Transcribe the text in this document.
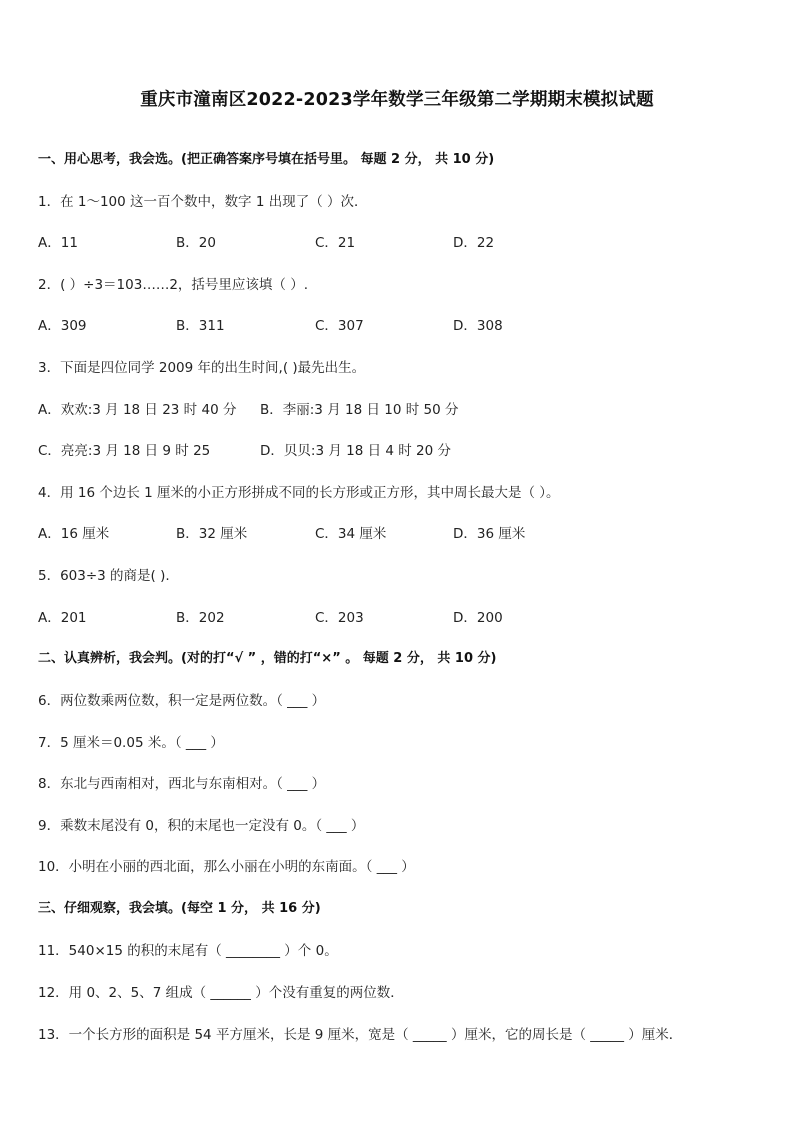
重庆市潼南区2022-2023学年数学三年级第二学期期末模拟试题
一、用心思考，我会选。(把正确答案序号填在括号里。 每题 2 分， 共 10 分)
1．在 1～100 这一百个数中，数字 1 出现了（ ）次．
A．11	B．20	C．21	D．22
2．( ）÷3＝103……2，括号里应该填（ ）.
A．309	B．311	C．307	D．308
3．下面是四位同学 2009 年的出生时间,( )最先出生。
A．欢欢:3 月 18 日 23 时 40 分 B．李丽:3 月 18 日 10 时 50 分
C．亮亮:3 月 18 日 9 时 25	D．贝贝:3 月 18 日 4 时 20 分
4．用 16 个边长 1 厘米的小正方形拼成不同的长方形或正方形，其中周长最大是（ ）。
A．16 厘米	B．32 厘米	C．34 厘米	D．36 厘米
5．603÷3 的商是( ).
A．201	B．202	C．203	D．200
二、认真辨析，我会判。(对的打“√ ” ，错的打“×” 。 每题 2 分， 共 10 分)
6．两位数乘两位数，积一定是两位数。（ ___ ）
7．5 厘米＝0.05 米。（ ___ ）
8．东北与西南相对，西北与东南相对。（ ___ ）
9．乘数末尾没有 0，积的末尾也一定没有 0。（ ___ ）
10．小明在小丽的西北面，那么小丽在小明的东南面。（ ___ ）
三、仔细观察，我会填。(每空 1 分， 共 16 分)
11．540×15 的积的末尾有（ ________ ）个 0。
12．用 0、2、5、7 组成（ ______ ）个没有重复的两位数．
13．一个长方形的面积是 54 平方厘米，长是 9 厘米，宽是（ _____ ）厘米，它的周长是（ _____ ）厘米．
